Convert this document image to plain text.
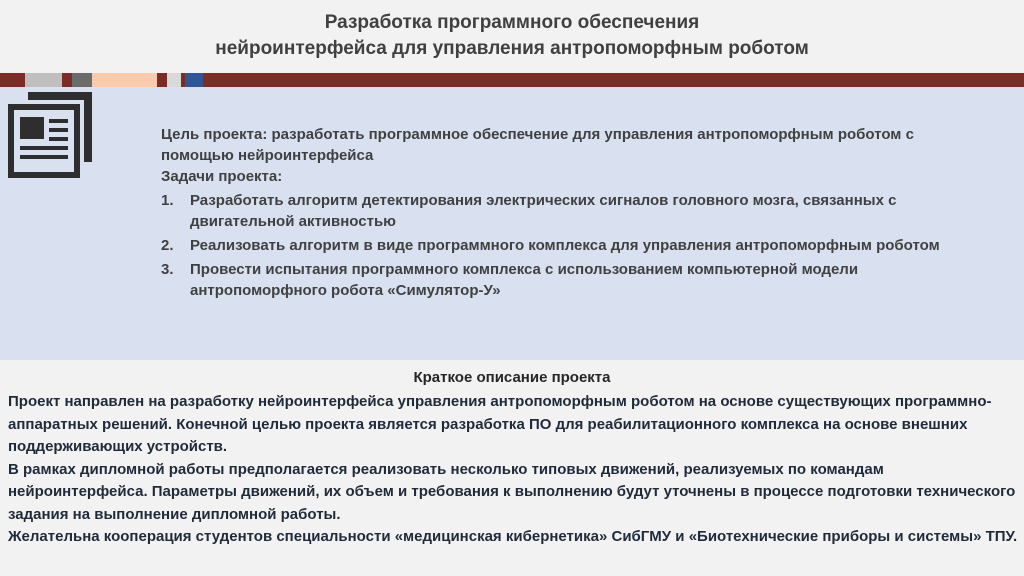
Разработка программного обеспечения
нейроинтерфейса для управления антропоморфным роботом

Цель проекта: разработать программное обеспечение для управления антропоморфным роботом с помощью нейроинтерфейса

Задачи проекта:

1. Разработать алгоритм детектирования электрических сигналов головного мозга, связанных с двигательной активностью
2. Реализовать алгоритм в виде программного комплекса для управления антропоморфным роботом
3. Провести испытания программного комплекса с использованием компьютерной модели антропоморфного робота «Симулятор-У»
Краткое описание проекта

Проект направлен на разработку нейроинтерфейса управления антропоморфным роботом на основе существующих программно-аппаратных решений. Конечной целью проекта является разработка ПО для реабилитационного комплекса на основе внешних поддерживающих устройств.

В рамках дипломной работы предполагается реализовать несколько типовых движений, реализуемых по командам нейроинтерфейса. Параметры движений, их объем и требования к выполнению будут уточнены в процессе подготовки технического задания на выполнение дипломной работы.

Желательна кооперация студентов специальности «медицинская кибернетика» СибГМУ и «Биотехнические приборы и системы» ТПУ.
